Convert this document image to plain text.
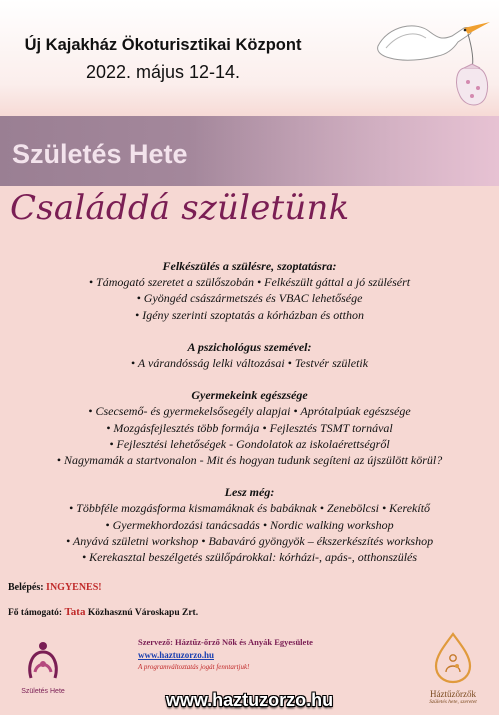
Új Kajakház Ökoturisztikai Központ
2022. május 12-14.
Születés Hete
Családdá születünk
Felkészülés a szülésre, szoptatásra:
• Támogató szeretet a szülőszobán • Felkészült gáttal a jó szülésért
• Gyöngéd császármetszés és VBAC lehetősége
• Igény szerinti szoptatás a kórházban és otthon
A pszichológus szemével:
• A várandósság lelki változásai • Testvér születik
Gyermekeink egészsége
• Csecsemő- és gyermekelsősegély alapjai • Aprótalpúak egészsége
• Mozgásfejlesztés több formája • Fejlesztés TSMT tornával
• Fejlesztési lehetőségek - Gondolatok az iskolaérettségről
• Nagymamák a startvonalon - Mit és hogyan tudunk segíteni az újszülött körül?
Lesz még:
• Többféle mozgásforma kismamáknak és babáknak • Zenebölcsi • Kerekítő
• Gyermekhordozási tanácsadás • Nordic walking workshop
• Anyává születni workshop • Babaváró gyöngyök – ékszerkészítés workshop
• Kerekasztal beszélgetés szülőpárokkal: kórházi-, apás-, otthonszülés
Belépés: INGYENES!
Fő támogató: Tata Közhasznú Városkapu Zrt.
Születés Hete
Szervező: Háztűz-őrző Nők és Anyák Egyesülete
www.haztuzorzo.hu
A programváltoztatás jogát fenntartjuk!
Háztűzőrzők
Születés hete, szeretet
www.haztuzorzo.hu
